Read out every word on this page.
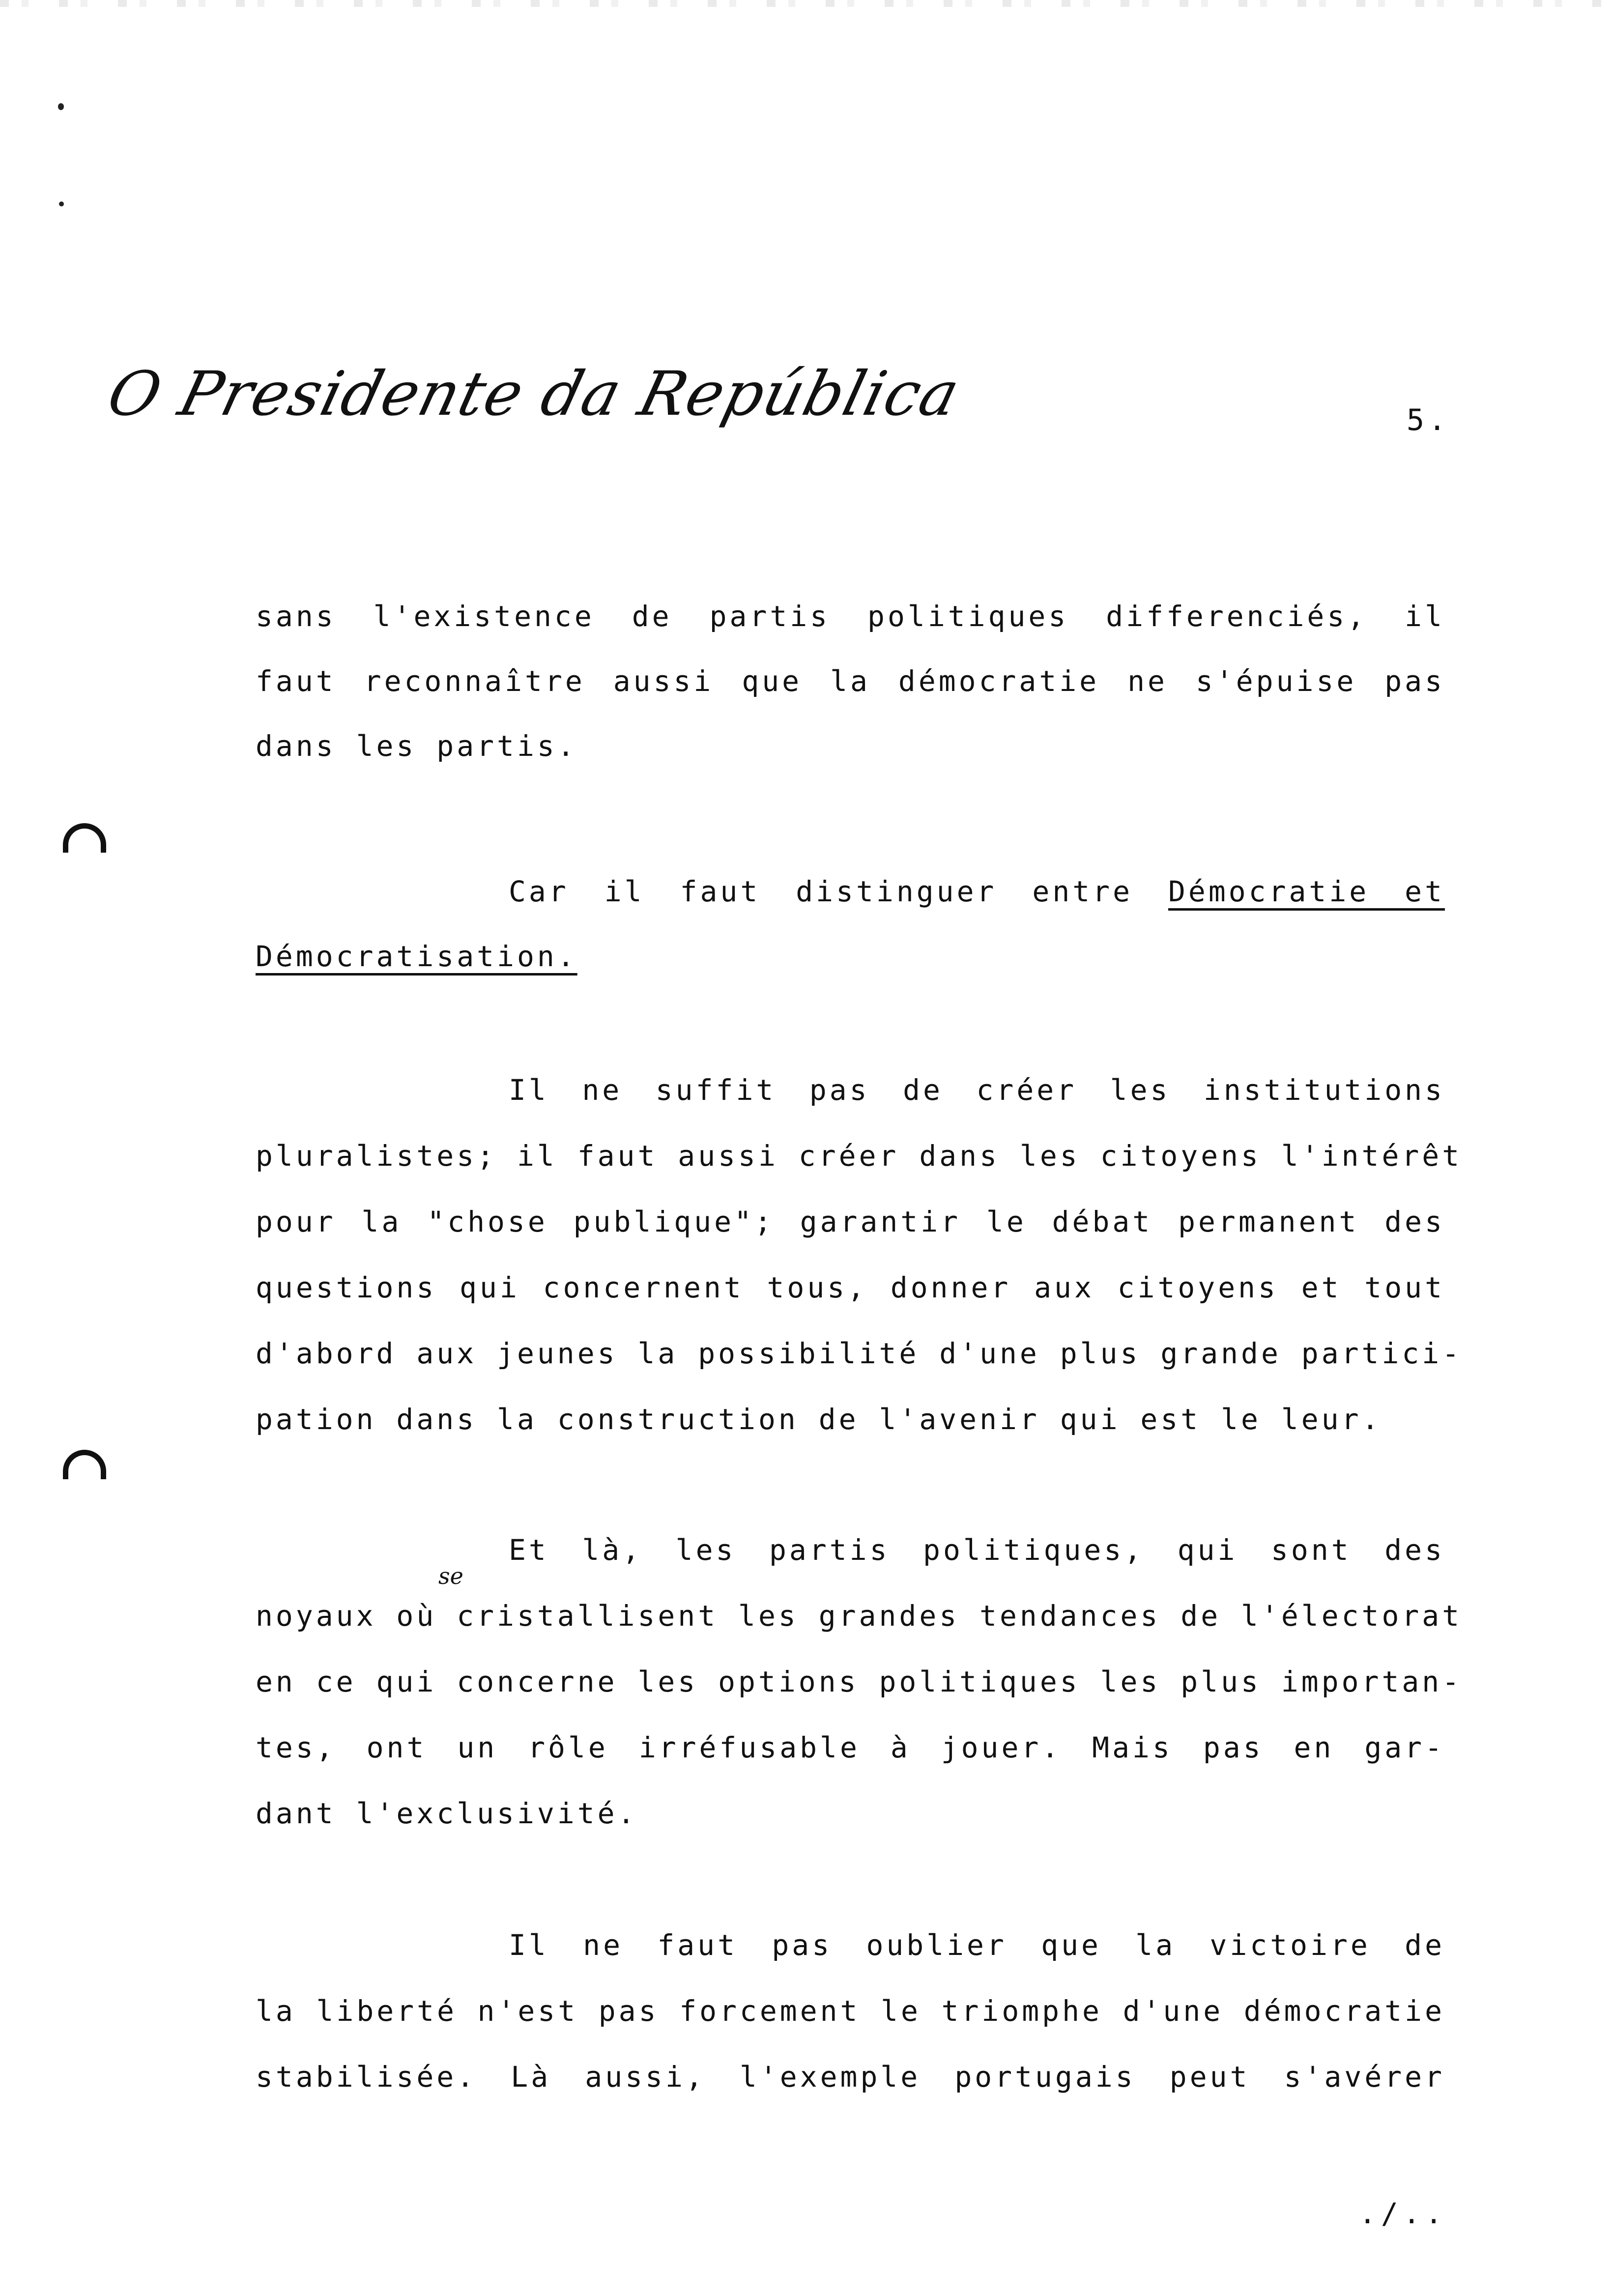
O Presidente da República	5.
sans l'existence de partis politiques differenciés, il
faut reconnaître aussi que la démocratie ne s'épuise pas
dans les partis.
Car il faut distinguer entre Démocratie et
Démocratisation.
Il ne suffit pas de créer les institutions
pluralistes; il faut aussi créer dans les citoyens l'intérêt
pour la "chose publique"; garantir le débat permanent des
questions qui concernent tous, donner aux citoyens et tout
d'abord aux jeunes la possibilité d'une plus grande partici-
pation dans la construction de l'avenir qui est le leur.
se
Et là, les partis politiques, qui sont des
noyaux où cristallisent les grandes tendances de l'électorat
en ce qui concerne les options politiques les plus importan-
tes, ont un rôle irréfusable à jouer. Mais pas en gar-
dant l'exclusivité.
Il ne faut pas oublier que la victoire de
la liberté n'est pas forcement le triomphe d'une démocratie
stabilisée. Là aussi, l'exemple portugais peut s'avérer
./..
